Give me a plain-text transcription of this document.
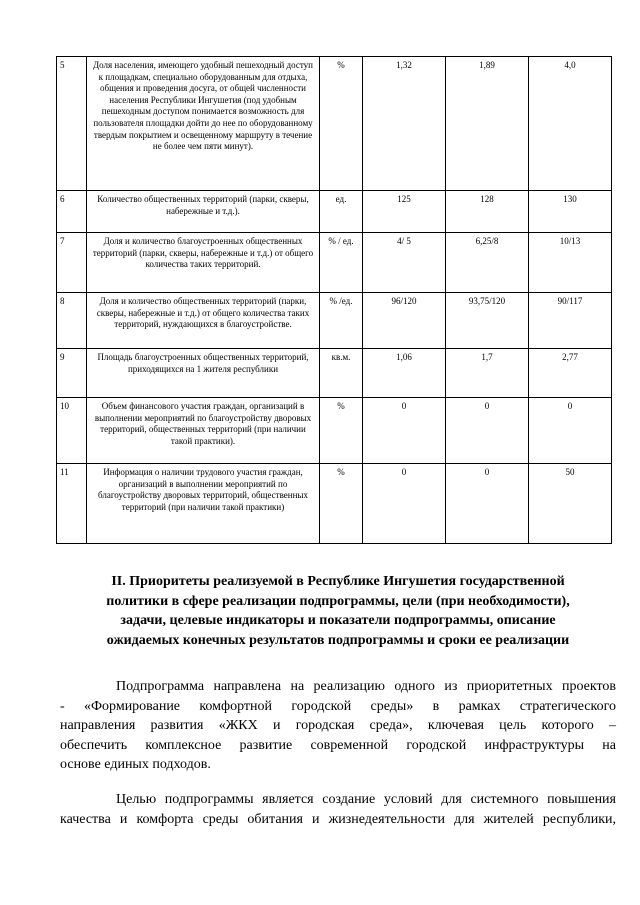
5	Доля населения, имеющего удобный пешеходный доступ к площадкам, специально оборудованным для отдыха, общения и проведения досуга, от общей численности населения Республики Ингушетия (под удобным пешеходным доступом понимается возможность для пользователя площадки дойти до нее по оборудованному твердым покрытием и освещенному маршруту в течение не более чем пяти минут).	%	1,32	1,89	4,0
6	Количество общественных территорий (парки, скверы, набережные и т.д.).	ед.	125	128	130
7	Доля и количество благоустроенных общественных территорий (парки, скверы, набережные и т.д.) от общего количества таких территорий.	% / ед.	4/ 5	6,25/8	10/13
8	Доля и количество общественных территорий (парки, скверы, набережные и т.д.) от общего количества таких территорий, нуждающихся в благоустройстве.	% /ед.	96/120	93,75/120	90/117
9	Площадь благоустроенных общественных территорий, приходящихся на 1 жителя республики	кв.м.	1,06	1,7	2,77
10	Объем финансового участия граждан, организаций в выполнении мероприятий по благоустройству дворовых территорий, общественных территорий (при наличии такой практики).	%	0	0	0
11	Информация о наличии трудового участия граждан, организаций в выполнении мероприятий по благоустройству дворовых территорий, общественных территорий (при наличии такой практики)	%	0	0	50
II. Приоритеты реализуемой в Республике Ингушетия государственной
политики в сфере реализации подпрограммы, цели (при необходимости),
задачи, целевые индикаторы и показатели подпрограммы, описание
ожидаемых конечных результатов подпрограммы и сроки ее реализации
Подпрограмма направлена на реализацию одного из приоритетных проектов
- «Формирование комфортной городской среды» в рамках стратегического
направления развития «ЖКХ и городская среда», ключевая цель которого –
обеспечить комплексное развитие современной городской инфраструктуры на
основе единых подходов.
Целью подпрограммы является создание условий для системного повышения
качества и комфорта среды обитания и жизнедеятельности для жителей республики,
